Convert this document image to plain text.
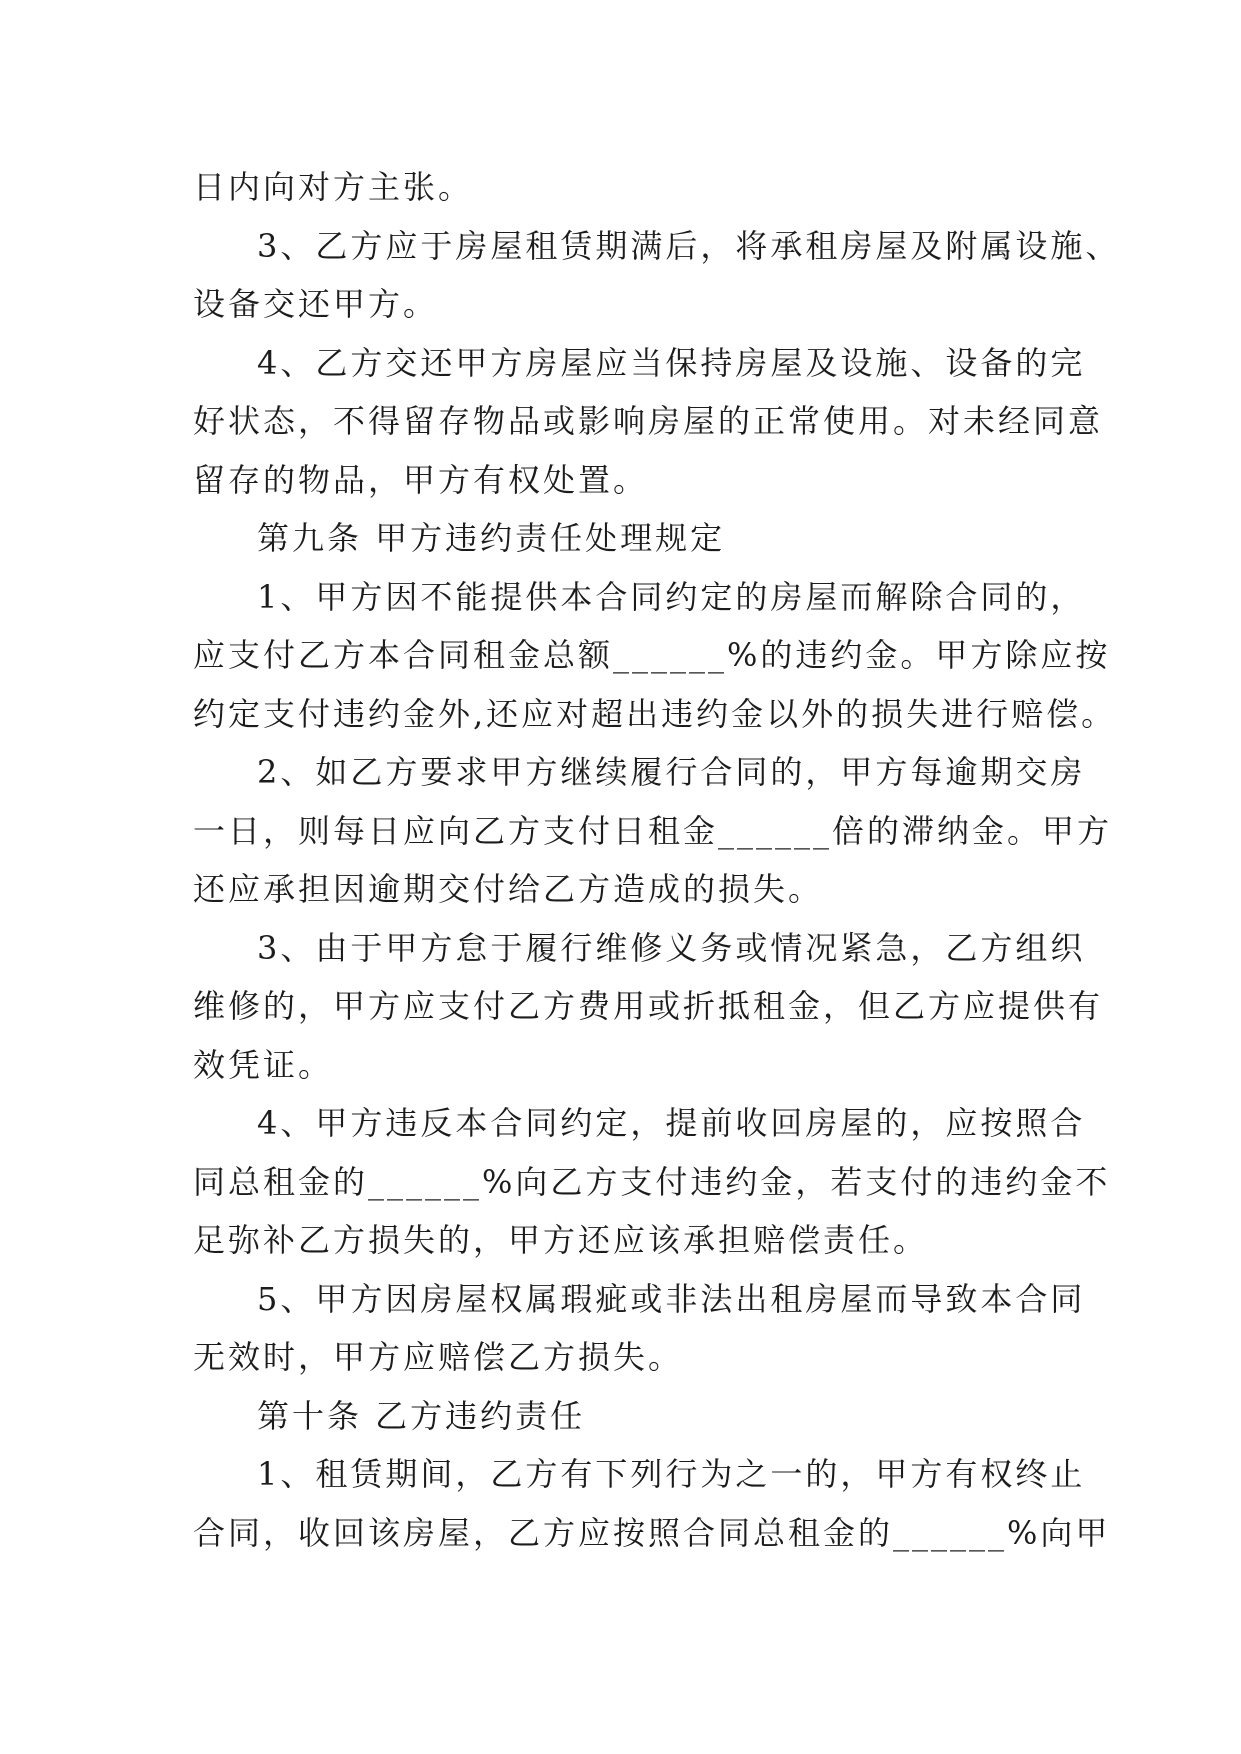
日内向对方主张。
3、乙方应于房屋租赁期满后，将承租房屋及附属设施、
设备交还甲方。
4、乙方交还甲方房屋应当保持房屋及设施、设备的完
好状态，不得留存物品或影响房屋的正常使用。对未经同意
留存的物品，甲方有权处置。
第九条 甲方违约责任处理规定
1、甲方因不能提供本合同约定的房屋而解除合同的，
应支付乙方本合同租金总额______%的违约金。甲方除应按
约定支付违约金外,还应对超出违约金以外的损失进行赔偿。
2、如乙方要求甲方继续履行合同的，甲方每逾期交房
一日，则每日应向乙方支付日租金______倍的滞纳金。甲方
还应承担因逾期交付给乙方造成的损失。
3、由于甲方怠于履行维修义务或情况紧急，乙方组织
维修的，甲方应支付乙方费用或折抵租金，但乙方应提供有
效凭证。
4、甲方违反本合同约定，提前收回房屋的，应按照合
同总租金的______%向乙方支付违约金，若支付的违约金不
足弥补乙方损失的，甲方还应该承担赔偿责任。
5、甲方因房屋权属瑕疵或非法出租房屋而导致本合同
无效时，甲方应赔偿乙方损失。
第十条 乙方违约责任
1、租赁期间，乙方有下列行为之一的，甲方有权终止
合同，收回该房屋，乙方应按照合同总租金的______%向甲
